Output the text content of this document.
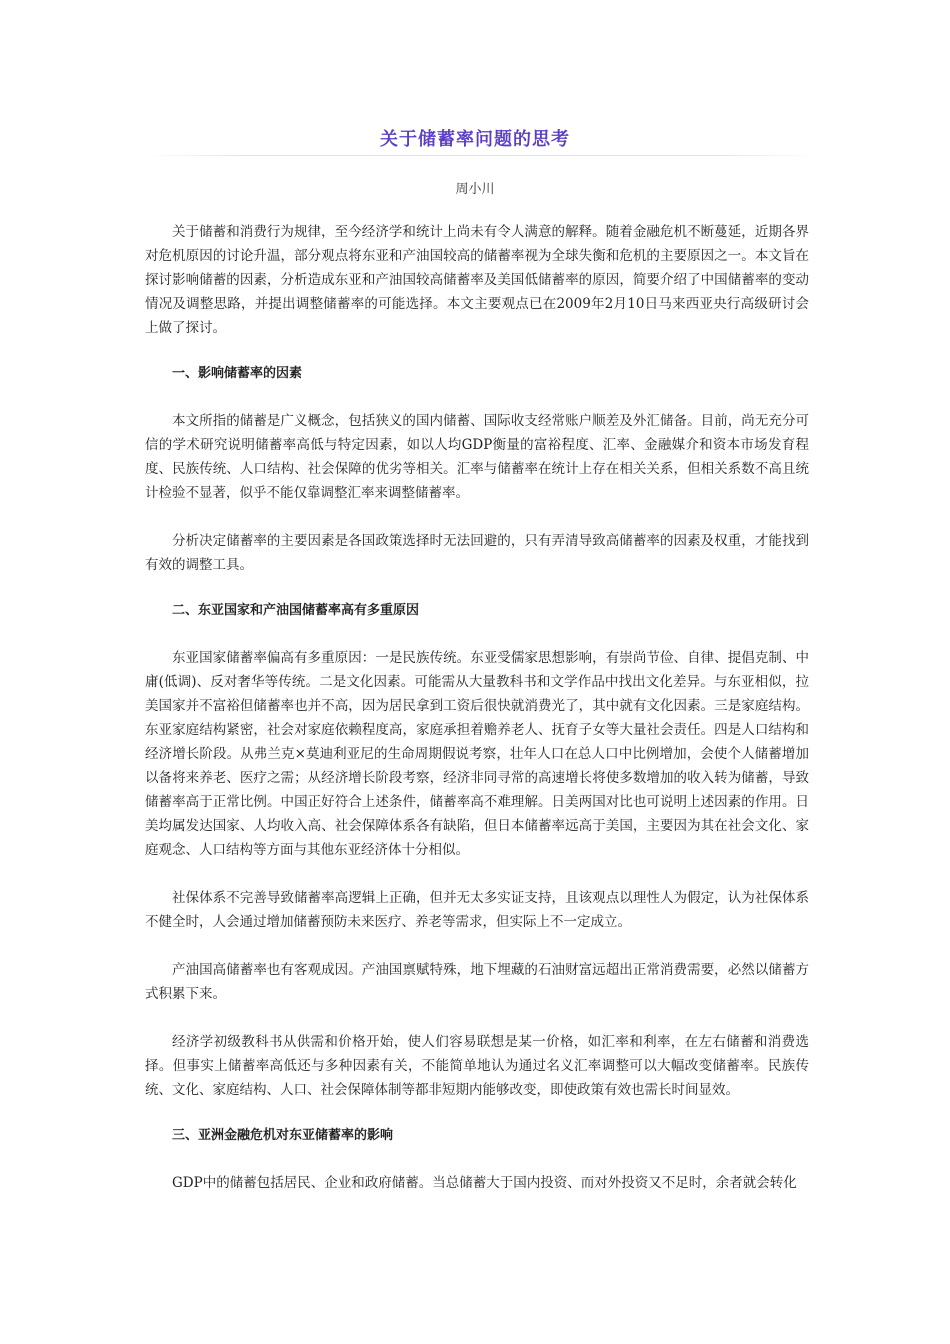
关于储蓄率问题的思考
周小川

关于储蓄和消费行为规律，至今经济学和统计上尚未有令人满意的解释。随着金融危机不断蔓延，近期各界对危机原因的讨论升温，部分观点将东亚和产油国较高的储蓄率视为全球失衡和危机的主要原因之一。本文旨在探讨影响储蓄的因素，分析造成东亚和产油国较高储蓄率及美国低储蓄率的原因，简要介绍了中国储蓄率的变动情况及调整思路，并提出调整储蓄率的可能选择。本文主要观点已在2009年2月10日马来西亚央行高级研讨会上做了探讨。

一、影响储蓄率的因素

本文所指的储蓄是广义概念，包括狭义的国内储蓄、国际收支经常账户顺差及外汇储备。目前，尚无充分可信的学术研究说明储蓄率高低与特定因素，如以人均GDP衡量的富裕程度、汇率、金融媒介和资本市场发育程度、民族传统、人口结构、社会保障的优劣等相关。汇率与储蓄率在统计上存在相关关系，但相关系数不高且统计检验不显著，似乎不能仅靠调整汇率来调整储蓄率。

分析决定储蓄率的主要因素是各国政策选择时无法回避的，只有弄清导致高储蓄率的因素及权重，才能找到有效的调整工具。

二、东亚国家和产油国储蓄率高有多重原因

东亚国家储蓄率偏高有多重原因：一是民族传统。东亚受儒家思想影响，有崇尚节俭、自律、提倡克制、中庸(低调)、反对奢华等传统。二是文化因素。可能需从大量教科书和文学作品中找出文化差异。与东亚相似，拉美国家并不富裕但储蓄率也并不高，因为居民拿到工资后很快就消费光了，其中就有文化因素。三是家庭结构。东亚家庭结构紧密，社会对家庭依赖程度高，家庭承担着赡养老人、抚育子女等大量社会责任。四是人口结构和经济增长阶段。从弗兰克×莫迪利亚尼的生命周期假说考察，壮年人口在总人口中比例增加，会使个人储蓄增加以备将来养老、医疗之需；从经济增长阶段考察，经济非同寻常的高速增长将使多数增加的收入转为储蓄，导致储蓄率高于正常比例。中国正好符合上述条件，储蓄率高不难理解。日美两国对比也可说明上述因素的作用。日美均属发达国家、人均收入高、社会保障体系各有缺陷，但日本储蓄率远高于美国，主要因为其在社会文化、家庭观念、人口结构等方面与其他东亚经济体十分相似。

社保体系不完善导致储蓄率高逻辑上正确，但并无太多实证支持，且该观点以理性人为假定，认为社保体系不健全时，人会通过增加储蓄预防未来医疗、养老等需求，但实际上不一定成立。

产油国高储蓄率也有客观成因。产油国禀赋特殊，地下埋藏的石油财富远超出正常消费需要，必然以储蓄方式积累下来。

经济学初级教科书从供需和价格开始，使人们容易联想是某一价格，如汇率和利率，在左右储蓄和消费选择。但事实上储蓄率高低还与多种因素有关，不能简单地认为通过名义汇率调整可以大幅改变储蓄率。民族传统、文化、家庭结构、人口、社会保障体制等都非短期内能够改变，即使政策有效也需长时间显效。

三、亚洲金融危机对东亚储蓄率的影响

GDP中的储蓄包括居民、企业和政府储蓄。当总储蓄大于国内投资、而对外投资又不足时，余者就会转化
